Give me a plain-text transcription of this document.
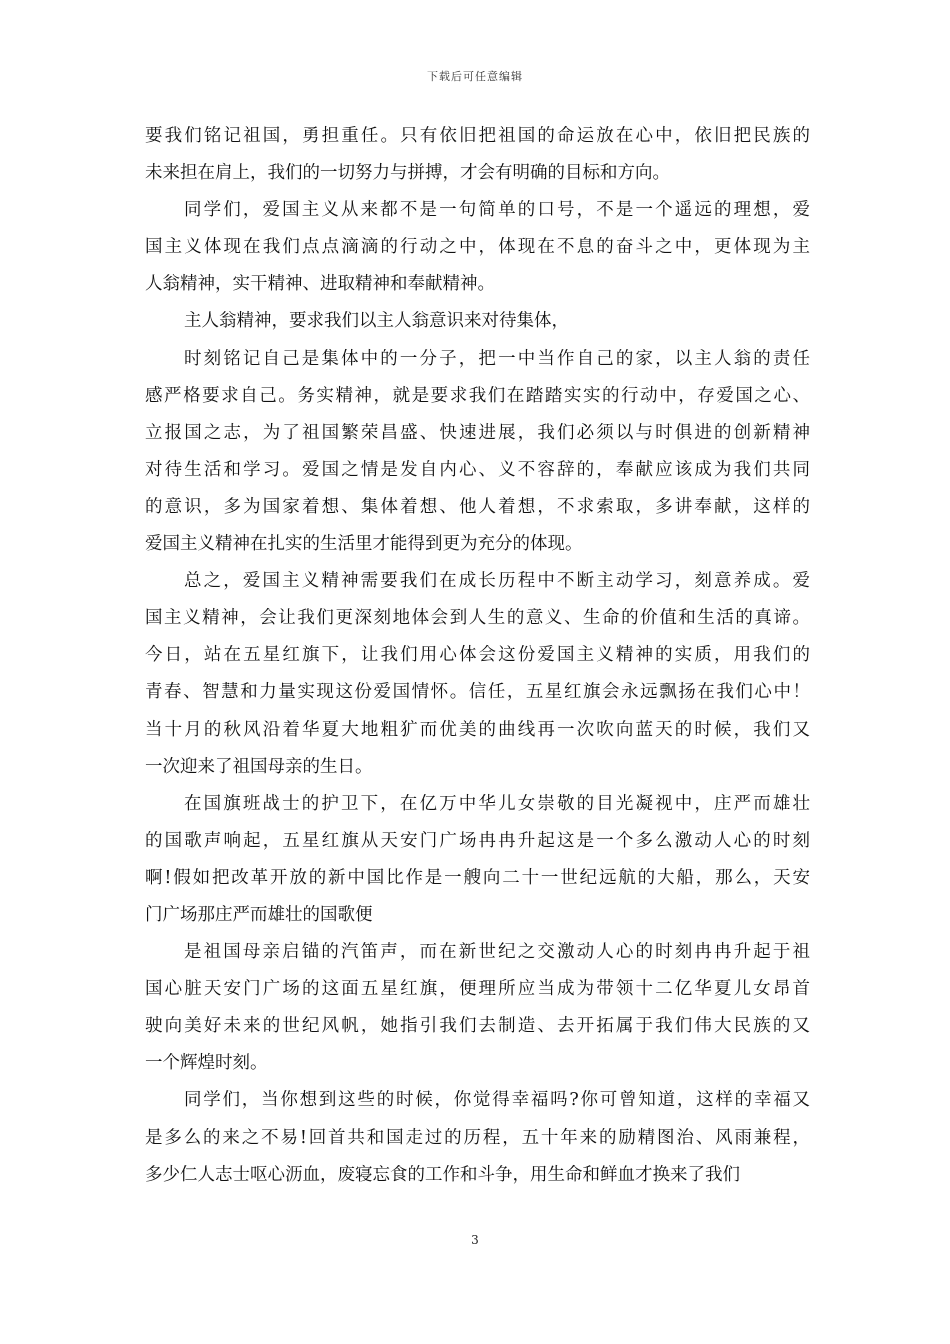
下载后可任意编辑
要我们铭记祖国，勇担重任。只有依旧把祖国的命运放在心中，依旧把民族的
未来担在肩上，我们的一切努力与拼搏，才会有明确的目标和方向。
同学们，爱国主义从来都不是一句简单的口号，不是一个遥远的理想，爱
国主义体现在我们点点滴滴的行动之中，体现在不息的奋斗之中，更体现为主
人翁精神，实干精神、进取精神和奉献精神。
主人翁精神，要求我们以主人翁意识来对待集体，
时刻铭记自己是集体中的一分子，把一中当作自己的家，以主人翁的责任
感严格要求自己。务实精神，就是要求我们在踏踏实实的行动中，存爱国之心、
立报国之志，为了祖国繁荣昌盛、快速进展，我们必须以与时俱进的创新精神
对待生活和学习。爱国之情是发自内心、义不容辞的，奉献应该成为我们共同
的意识，多为国家着想、集体着想、他人着想，不求索取，多讲奉献，这样的
爱国主义精神在扎实的生活里才能得到更为充分的体现。
总之，爱国主义精神需要我们在成长历程中不断主动学习，刻意养成。爱
国主义精神，会让我们更深刻地体会到人生的意义、生命的价值和生活的真谛。
今日，站在五星红旗下，让我们用心体会这份爱国主义精神的实质，用我们的
青春、智慧和力量实现这份爱国情怀。信任，五星红旗会永远飘扬在我们心中！
当十月的秋风沿着华夏大地粗犷而优美的曲线再一次吹向蓝天的时候，我们又
一次迎来了祖国母亲的生日。
在国旗班战士的护卫下，在亿万中华儿女崇敬的目光凝视中，庄严而雄壮
的国歌声响起，五星红旗从天安门广场冉冉升起这是一个多么激动人心的时刻
啊!假如把改革开放的新中国比作是一艘向二十一世纪远航的大船，那么，天安
门广场那庄严而雄壮的国歌便
是祖国母亲启锚的汽笛声，而在新世纪之交激动人心的时刻冉冉升起于祖
国心脏天安门广场的这面五星红旗，便理所应当成为带领十二亿华夏儿女昂首
驶向美好未来的世纪风帆，她指引我们去制造、去开拓属于我们伟大民族的又
一个辉煌时刻。
同学们，当你想到这些的时候，你觉得幸福吗?你可曾知道，这样的幸福又
是多么的来之不易!回首共和国走过的历程，五十年来的励精图治、风雨兼程，
多少仁人志士呕心沥血，废寝忘食的工作和斗争，用生命和鲜血才换来了我们
3
